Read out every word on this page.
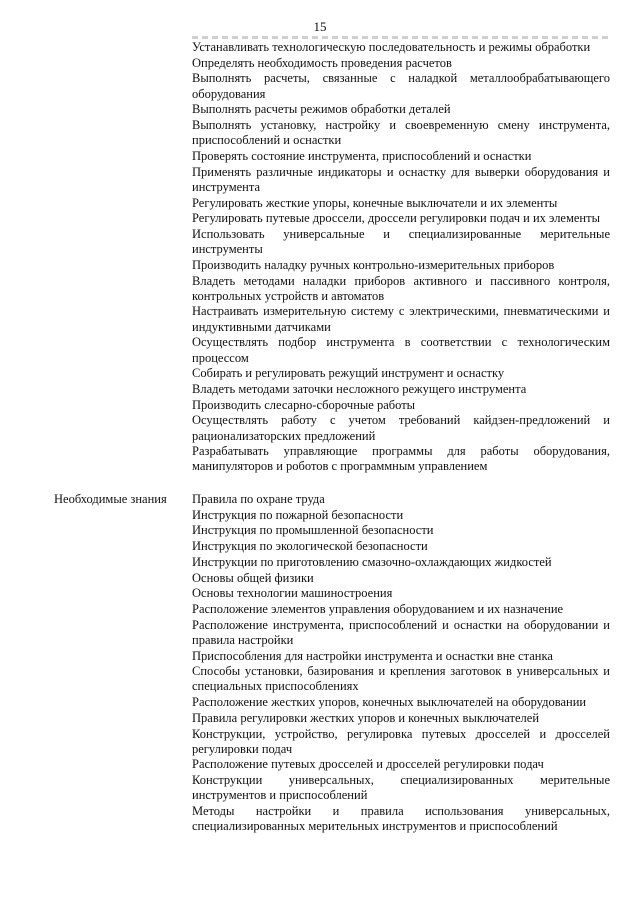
15

Устанавливать технологическую последовательность и режимы обработки

Определять необходимость проведения расчетов

Выполнять расчеты, связанные с наладкой металлообрабатывающего оборудования

Выполнять расчеты режимов обработки деталей

Выполнять установку, настройку и своевременную смену инструмента, приспособлений и оснастки

Проверять состояние инструмента, приспособлений и оснастки

Применять различные индикаторы и оснастку для выверки оборудования и инструмента

Регулировать жесткие упоры, конечные выключатели и их элементы

Регулировать путевые дроссели, дроссели регулировки подач и их элементы

Использовать универсальные и специализированные мерительные инструменты

Производить наладку ручных контрольно-измерительных приборов

Владеть методами наладки приборов активного и пассивного контроля, контрольных устройств и автоматов

Настраивать измерительную систему с электрическими, пневматическими и индуктивными датчиками

Осуществлять подбор инструмента в соответствии с технологическим процессом

Собирать и регулировать режущий инструмент и оснастку

Владеть методами заточки несложного режущего инструмента

Производить слесарно-сборочные работы

Осуществлять работу с учетом требований кайдзен-предложений и рационализаторских предложений

Разрабатывать управляющие программы для работы оборудования, манипуляторов и роботов с программным управлением

Необходимые знания Правила по охране труда

Инструкция по пожарной безопасности

Инструкция по промышленной безопасности

Инструкция по экологической безопасности

Инструкции по приготовлению смазочно-охлаждающих жидкостей

Основы общей физики

Основы технологии машиностроения

Расположение элементов управления оборудованием и их назначение

Расположение инструмента, приспособлений и оснастки на оборудовании и правила настройки

Приспособления для настройки инструмента и оснастки вне станка

Способы установки, базирования и крепления заготовок в универсальных и специальных приспособлениях

Расположение жестких упоров, конечных выключателей на оборудовании

Правила регулировки жестких упоров и конечных выключателей

Конструкции, устройство, регулировка путевых дросселей и дросселей регулировки подач

Расположение путевых дросселей и дросселей регулировки подач

Конструкции универсальных, специализированных мерительные инструментов и приспособлений

Методы настройки и правила использования универсальных, специализированных мерительных инструментов и приспособлений
